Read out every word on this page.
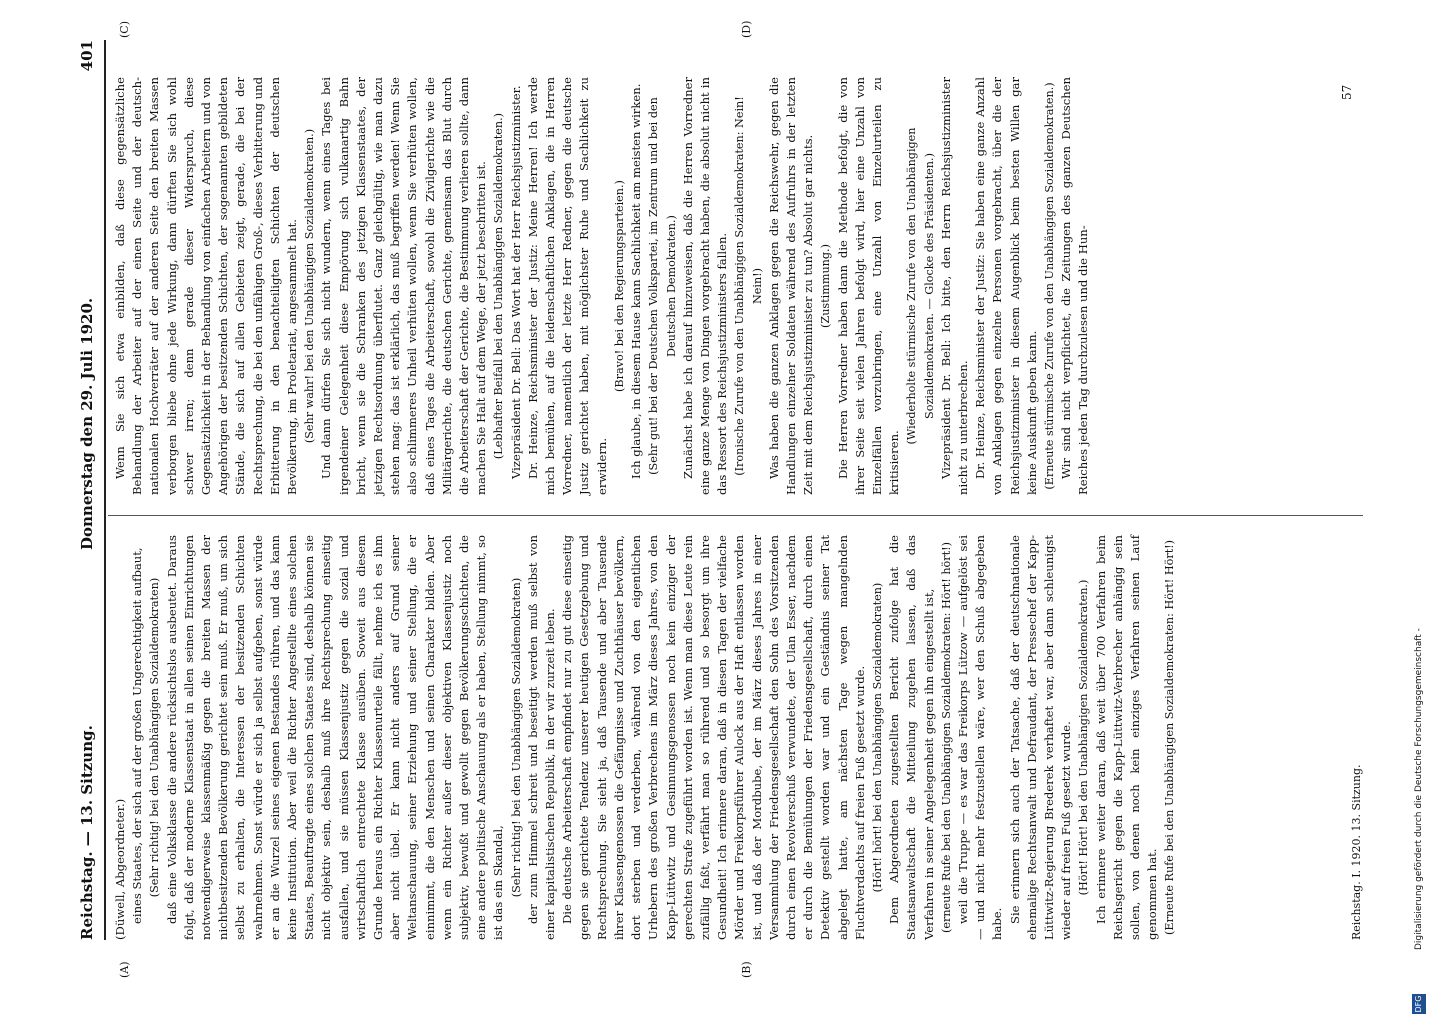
Reichstag. — 13. Sitzung.
Donnerstag den 29. Juli 1920.
401
(A)	(B)
(C)	(D)

(Düwell, Abgeordneter.) eines Staates, der sich auf der großen Ungerechtigkeit aufbaut, (Sehr richtig! bei den Unabhängigen Sozialdemokraten) daß eine Volksklasse die andere rücksichtslos ausbeutet. Daraus folgt, daß der moderne Klassenstaat in allen seinen Einrichtungen notwendigerweise klassenmäßig gegen die breiten Massen der nichtbesitzenden Bevölkerung gerichtet sein muß. Er muß, um sich selbst zu erhalten, die Interessen der besitzenden Schichten wahrnehmen. Sonst würde er sich ja selbst aufgeben, sonst würde er an die Wurzel seines eigenen Bestandes rühren, und das kann keine Institution. Aber weil die Richter Angestellte eines solchen Staates, Beauftragte eines solchen Staates sind, deshalb können sie nicht objektiv sein, deshalb muß ihre Rechtsprechung einseitig ausfallen, und sie müssen Klassenjustiz gegen die sozial und wirtschaftlich entrechtete Klasse ausüben. Soweit aus diesem Grunde heraus ein Richter Klassenurteile fällt, nehme ich es ihm aber nicht übel. Er kann nicht anders auf Grund seiner Weltanschauung, seiner Erziehung und seiner Stellung, die er einnimmt, die den Menschen und seinen Charakter bilden. Aber wenn ein Richter außer dieser objektiven Klassenjustiz noch subjektiv, bewußt und gewollt gegen Bevölkerungsschichten, die eine andere politische Anschauung als er haben, Stellung nimmt, so ist das ein Skandal, (Sehr richtig! bei den Unabhängigen Sozialdemokraten) der zum Himmel schreit und beseitigt werden muß selbst von einer kapitalistischen Republik, in der wir zurzeit leben. Die deutsche Arbeiterschaft empfindet nur zu gut diese einseitig gegen sie gerichtete Tendenz unserer heutigen Gesetzgebung und Rechtsprechung. Sie sieht ja, daß Tausende und aber Tausende ihrer Klassengenossen die Gefängnisse und Zuchthäuser bevölkern, dort sterben und verderben, während von den eigentlichen Urhebern des großen Verbrechens im März dieses Jahres, von den Kapp-Lüttwitz und Gesinnungsgenossen noch kein einziger der gerechten Strafe zugeführt worden ist. Wenn man diese Leute rein zufällig faßt, verfährt man so rührend und so besorgt um ihre Gesundheit! Ich erinnere daran, daß in diesen Tagen der vielfache Mörder und Freikorpsführer Aulock aus der Haft entlassen worden ist, und daß der Mordbube, der im März dieses Jahres in einer Versammlung der Friedensgesellschaft den Sohn des Vorsitzenden durch einen Revolverschuß verwundete, der Ulan Esser, nachdem er durch die Bemühungen der Friedensgesellschaft, durch einen Detektiv gestellt worden war und ein Geständnis seiner Tat abgelegt hatte, am nächsten Tage wegen mangelnden Fluchtverdachts auf freien Fuß gesetzt wurde. (Hört! hört! bei den Unabhängigen Sozialdemokraten) Dem Abgeordneten zugestellten Bericht zufolge hat die Staatsanwaltschaft die Mitteilung zugehen lassen, daß das Verfahren in seiner Angelegenheit gegen ihn eingestellt ist, (erneute Rufe bei den Unabhängigen Sozialdemokraten: Hört! hört!) weil die Truppe — es war das Freikorps Lützow — aufgelöst sei — und nicht mehr festzustellen wäre, wer den Schuß abgegeben habe. Sie erinnern sich auch der Tatsache, daß der deutschnationale ehemalige Rechtsanwalt und Defraudant, der Pressechef der Kapp-Lüttwitz-Regierung Brederek verhaftet war, aber dann schleunigst wieder auf freien Fuß gesetzt wurde. (Hört! Hört! bei den Unabhängigen Sozialdemokraten.) Ich erinnere weiter daran, daß weit über 700 Verfahren beim Reichsgericht gegen die Kapp-Lüttwitz-Verbrecher anhängig sein sollen, von denen noch kein einziges Verfahren seinen Lauf genommen hat. (Erneute Rufe bei den Unabhängigen Sozialdemokraten: Hört! Hört!)

Wenn Sie sich etwa einbilden, daß diese gegensätzliche Behandlung der Arbeiter auf der einen Seite und der deutsch-nationalen Hochverräter auf der anderen Seite den breiten Massen verborgen bliebe ohne jede Wirkung, dann dürften Sie sich wohl schwer irren; denn gerade dieser Widerspruch, diese Gegensätzlichkeit in der Behandlung von einfachen Arbeitern und von Angehörigen der besitzenden Schichten, der sogenannten gebildeten Stände, die sich auf allen Gebieten zeigt, gerade, die bei der Rechtsprechung, die bei den unfähigen Groß-, dieses Verbitterung und Erbitterung in den benachteiligten Schichten der deutschen Bevölkerung, im Proletariat, angesammelt hat. (Sehr wahr! bei den Unabhängigen Sozialdemokraten.) Und dann dürfen Sie sich nicht wundern, wenn eines Tages bei irgendeiner Gelegenheit diese Empörung sich vulkanartig Bahn bricht, wenn sie die Schranken des jetzigen Klassenstaates, der jetzigen Rechtsordnung überflutet. Ganz gleichgültig, wie man dazu stehen mag: das ist erklärlich, das muß begriffen werden! Wenn Sie also schlimmeres Unheil verhüten wollen, wenn Sie verhüten wollen, daß eines Tages die Arbeiterschaft, sowohl die Zivilgerichte wie die Militärgerichte, die deutschen Gerichte, gemeinsam das Blut durch die Arbeiterschaft der Gerichte, die Bestimmung verlieren sollte, dann machen Sie Halt auf dem Wege, der jetzt beschritten ist. (Lebhafter Beifall bei den Unabhängigen Sozialdemokraten.) Vizepräsident Dr. Bell: Das Wort hat der Herr Reichsjustizminister. Dr. Heinze, Reichsminister der Justiz: Meine Herren! Ich werde mich bemühen, auf die leidenschaftlichen Anklagen, die in Herren Vorredner, namentlich der letzte Herr Redner, gegen die deutsche Justiz gerichtet haben, mit möglichster Ruhe und Sachlichkeit zu erwidern.

(Bravo! bei den Regierungsparteien.) Ich glaube, in diesem Hause kann Sachlichkeit am meisten wirken. (Sehr gut! bei der Deutschen Volkspartei, im Zentrum und bei den Deutschen Demokraten.) Zunächst habe ich darauf hinzuweisen, daß die Herren Vorredner eine ganze Menge von Dingen vorgebracht haben, die absolut nicht in das Ressort des Reichsjustizministers fallen. (Ironische Zurufe von den Unabhängigen Sozialdemokraten: Nein! Nein!) Was haben die ganzen Anklagen gegen die Reichswehr, gegen die Handlungen einzelner Soldaten während des Aufruhrs in der letzten Zeit mit dem Reichsjustizminister zu tun? Absolut gar nichts. (Zustimmung.) Die Herren Vorredner haben dann die Methode befolgt, die von ihrer Seite seit vielen Jahren befolgt wird, hier eine Unzahl von Einzelfällen vorzubringen, eine Unzahl von Einzelurteilen zu kritisieren.

(Wiederholte stürmische Zurufe von den Unabhängigen Sozialdemokraten. — Glocke des Präsidenten.) Vizepräsident Dr. Bell: Ich bitte, den Herrn Reichsjustizminister nicht zu unterbrechen. Dr. Heinze, Reichsminister der Justiz: Sie haben eine ganze Anzahl von Anklagen gegen einzelne Personen vorgebracht, über die der Reichsjustizminister in diesem Augenblick beim besten Willen gar keine Auskunft geben kann. (Erneute stürmische Zurufe von den Unabhängigen Sozialdemokraten.) Wir sind nicht verpflichtet, die Zeitungen des ganzen Deutschen Reiches jeden Tag durchzulesen und die Hun-

Reichstag. I. 1920. 13. Sitzung.
57
DFG
Digitalisierung gefördert durch die Deutsche Forschungsgemeinschaft -
